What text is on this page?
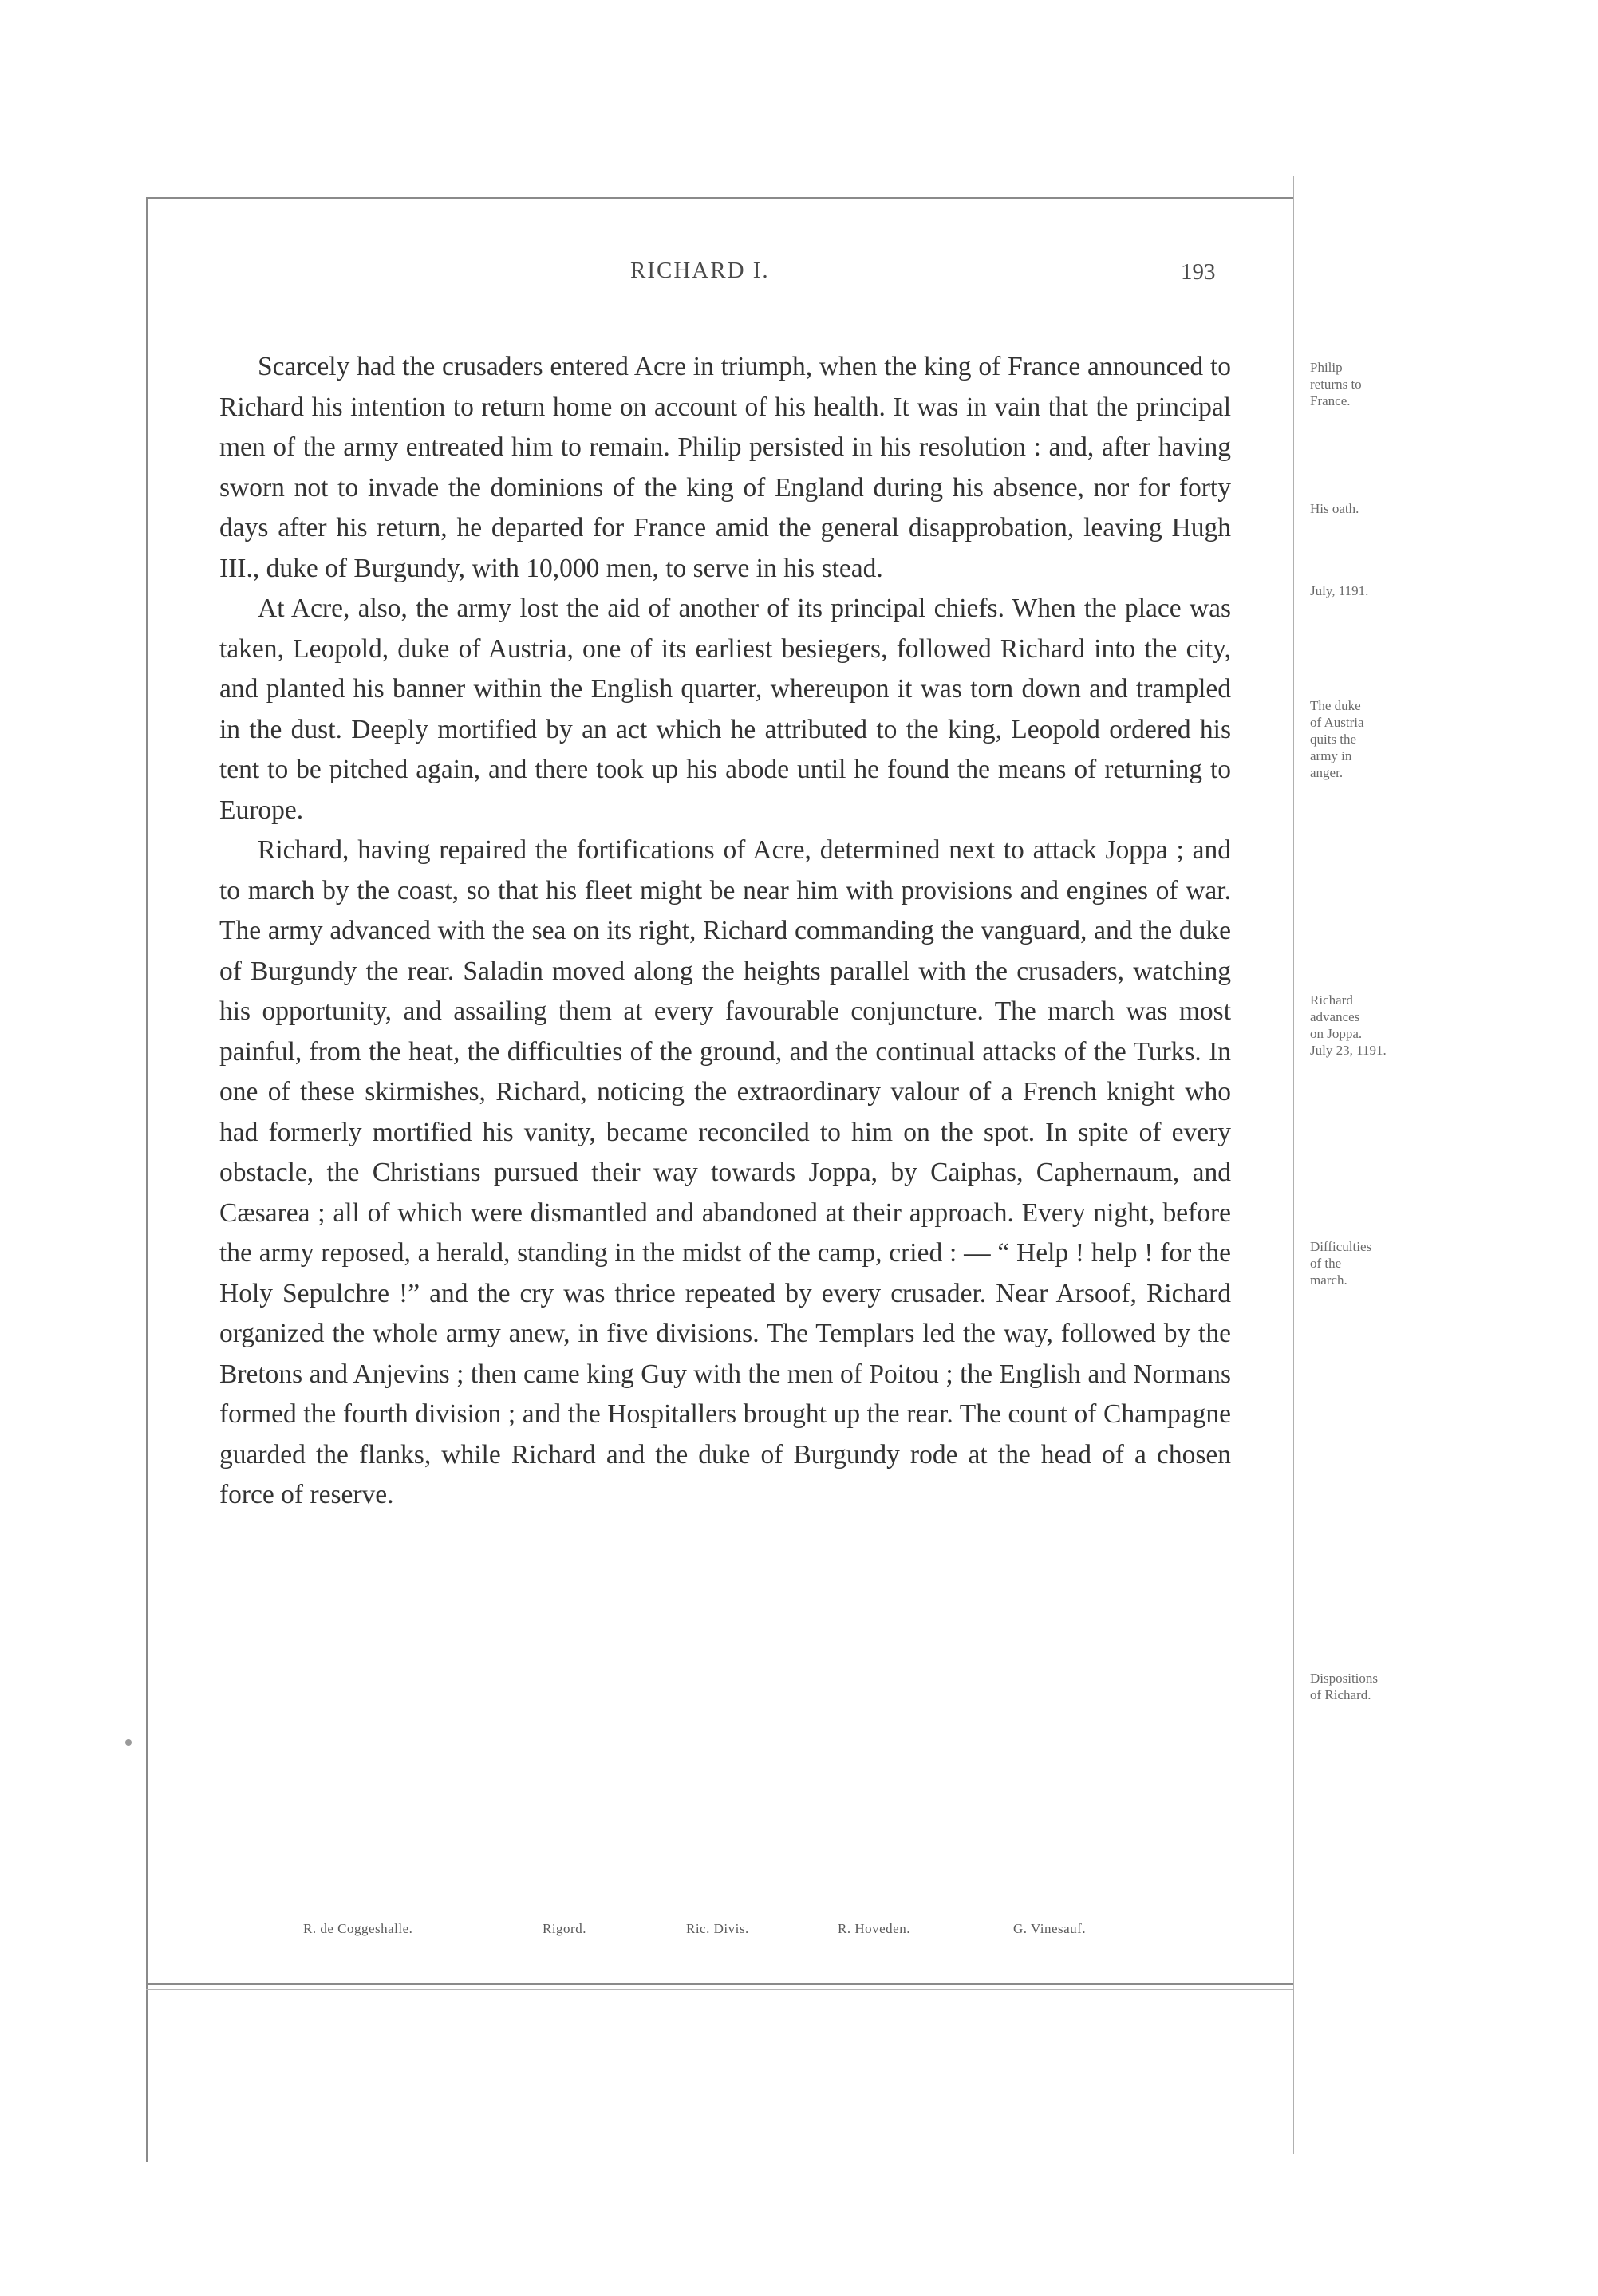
RICHARD I.	193

Scarcely had the crusaders entered Acre in triumph, when the king of France announced to Richard his intention to return home on account of his health. It was in vain that the principal men of the army entreated him to remain. Philip persisted in his resolution : and, after having sworn not to invade the dominions of the king of England during his absence, nor for forty days after his return, he departed for France amid the general disapprobation, leaving Hugh III., duke of Burgundy, with 10,000 men, to serve in his stead.

At Acre, also, the army lost the aid of another of its principal chiefs. When the place was taken, Leopold, duke of Austria, one of its earliest besiegers, followed Richard into the city, and planted his banner within the English quarter, whereupon it was torn down and trampled in the dust. Deeply mortified by an act which he attributed to the king, Leopold ordered his tent to be pitched again, and there took up his abode until he found the means of returning to Europe.

Richard, having repaired the fortifications of Acre, determined next to attack Joppa ; and to march by the coast, so that his fleet might be near him with provisions and engines of war. The army advanced with the sea on its right, Richard commanding the vanguard, and the duke of Burgundy the rear. Saladin moved along the heights parallel with the crusaders, watching his opportunity, and assailing them at every favourable conjuncture. The march was most painful, from the heat, the difficulties of the ground, and the continual attacks of the Turks. In one of these skirmishes, Richard, noticing the extraordinary valour of a French knight who had formerly mortified his vanity, became reconciled to him on the spot. In spite of every obstacle, the Christians pursued their way towards Joppa, by Caiphas, Caphernaum, and Cæsarea ; all of which were dismantled and abandoned at their approach. Every night, before the army reposed, a herald, standing in the midst of the camp, cried : — “ Help ! help ! for the Holy Sepulchre !” and the cry was thrice repeated by every crusader. Near Arsoof, Richard organized the whole army anew, in five divisions. The Templars led the way, followed by the Bretons and Anjevins ; then came king Guy with the men of Poitou ; the English and Normans formed the fourth division ; and the Hospitallers brought up the rear. The count of Champagne guarded the flanks, while Richard and the duke of Burgundy rode at the head of a chosen force of reserve.

Philip
returns to
France.
His oath.
July, 1191.
The duke
of Austria
quits the
army in
anger.
Richard
advances
on Joppa.
July 23, 1191.
Difficulties
of the
march.
Dispositions
of Richard.
R. de Coggeshalle.	Rigord.	Ric. Divis.	R. Hoveden.	G. Vinesauf.
